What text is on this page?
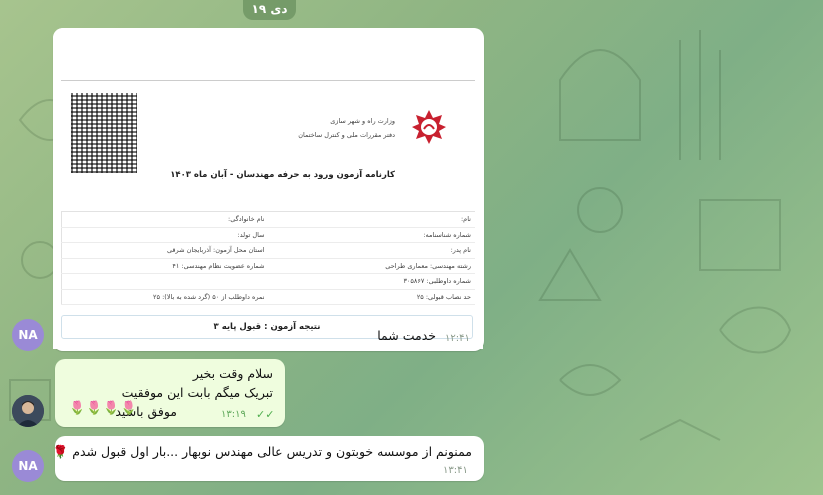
۱۹ دی
وزارت راه و شهر سازی
دفتر مقررات ملی و کنترل ساختمان
کارنامه آزمون ورود به حرفه مهندسان - آبان ماه ۱۴۰۳
نام خانوادگی:	نام:
سال تولد:	شماره شناسنامه:
استان محل آزمون: آذربایجان شرقی	نام پدر:
شماره عضویت نظام مهندسی: ۴۱	رشته مهندسی: معماری طراحی
شماره داوطلبی: ۳۰۵۸۶۷
نمره داوطلب از ۵۰ (گرد شده به بالا): ۲۵	حد نصاب قبولی: ۲۵
نتیجه آزمون : قبول پایه ۳
خدمت شما ۱۲:۴۱
NA
سلام وقت بخیر
تبریک میگم بابت این موفقیت
موفق باشید
🌷🌷🌷🌷	۱۳:۱۹ ✓✓
ممنونم از موسسه خوبتون و تدریس عالی مهندس نوبهار ...بار اول قبول شدم 🌹
۱۳:۴۱
NA
